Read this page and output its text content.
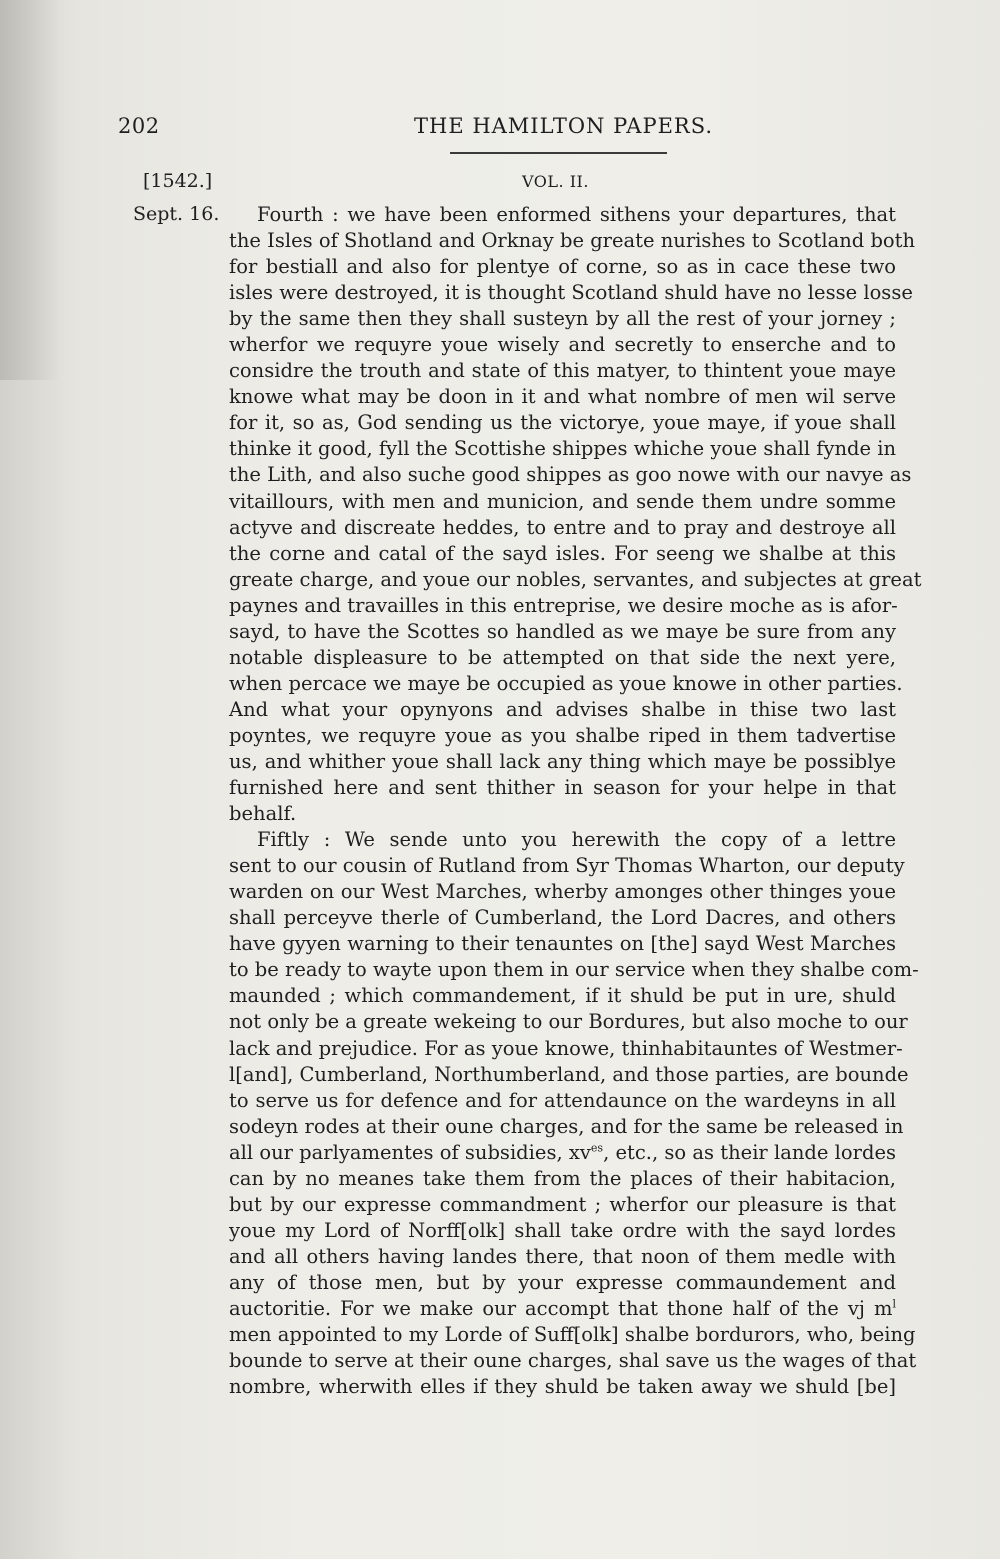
202	THE HAMILTON PAPERS.
[1542.]	VOL. II.
Sept. 16.	Fourth : we have been enformed sithens your departures, that
the Isles of Shotland and Orknay be greate nurishes to Scotland both
for bestiall and also for plentye of corne, so as in cace these two
isles were destroyed, it is thought Scotland shuld have no lesse losse
by the same then they shall susteyn by all the rest of your jorney ;
wherfor we requyre youe wisely and secretly to enserche and to
considre the trouth and state of this matyer, to thintent youe maye
knowe what may be doon in it and what nombre of men wil serve
for it, so as, God sending us the victorye, youe maye, if youe shall
thinke it good, fyll the Scottishe shippes whiche youe shall fynde in
the Lith, and also suche good shippes as goo nowe with our navye as
vitaillours, with men and municion, and sende them undre somme
actyve and discreate heddes, to entre and to pray and destroye all
the corne and catal of the sayd isles. For seeng we shalbe at this
greate charge, and youe our nobles, servantes, and subjectes at great
paynes and travailles in this entreprise, we desire moche as is afor-
sayd, to have the Scottes so handled as we maye be sure from any
notable displeasure to be attempted on that side the next yere,
when percace we maye be occupied as youe knowe in other parties.
And what your opynyons and advises shalbe in thise two last
poyntes, we requyre youe as you shalbe riped in them tadvertise
us, and whither youe shall lack any thing which maye be possiblye
furnished here and sent thither in season for your helpe in that
behalf.
Fiftly : We sende unto you herewith the copy of a lettre
sent to our cousin of Rutland from Syr Thomas Wharton, our deputy
warden on our West Marches, wherby amonges other thinges youe
shall perceyve therle of Cumberland, the Lord Dacres, and others
have gyyen warning to their tenauntes on [the] sayd West Marches
to be ready to wayte upon them in our service when they shalbe com-
maunded ; which commandement, if it shuld be put in ure, shuld
not only be a greate wekeing to our Bordures, but also moche to our
lack and prejudice. For as youe knowe, thinhabitauntes of Westmer-
l[and], Cumberland, Northumberland, and those parties, are bounde
to serve us for defence and for attendaunce on the wardeyns in all
sodeyn rodes at their oune charges, and for the same be released in
all our parlyamentes of subsidies, $xv^{es}$, etc., so as their lande lordes
can by no meanes take them from the places of their habitacion,
but by our expresse commandment ; wherfor our pleasure is that
youe my Lord of Norff[olk] shall take ordre with the sayd lordes
and all others having landes there, that noon of them medle with
any of those men, but by your expresse commaundement and
auctoritie. For we make our accompt that thone half of the vj $m^l$
men appointed to my Lorde of Suff[olk] shalbe bordurors, who, being
bounde to serve at their oune charges, shal save us the wages of that
nombre, wherwith elles if they shuld be taken away we shuld [be]
